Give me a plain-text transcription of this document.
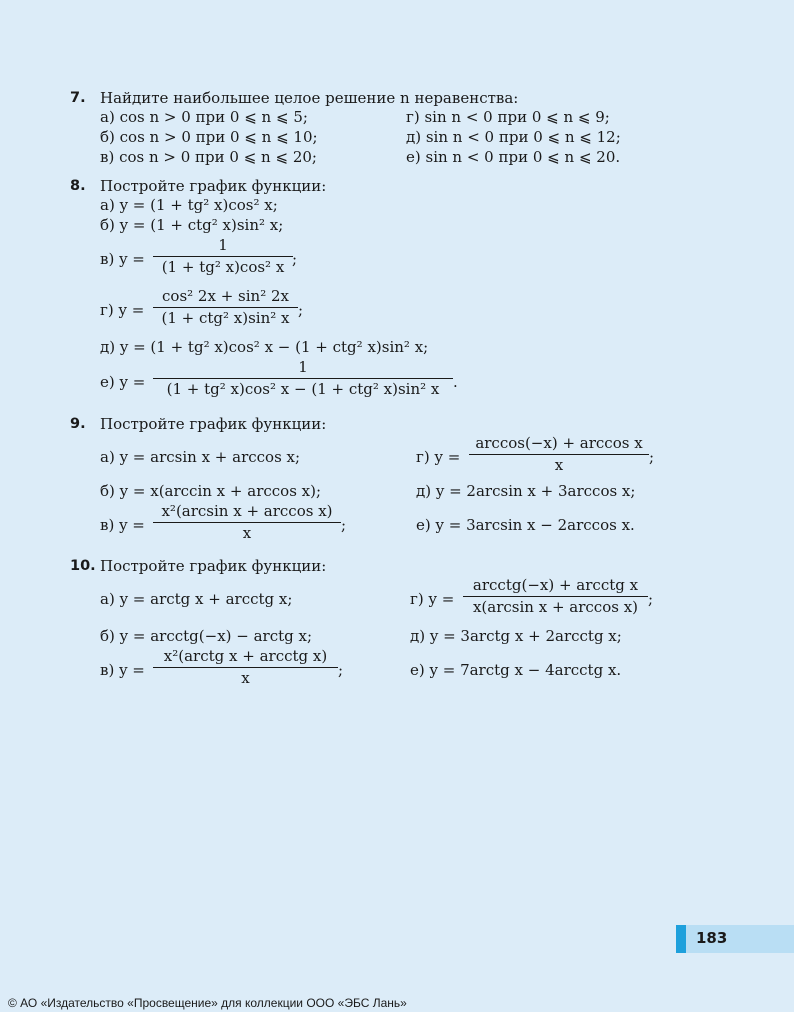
7. Найдите наибольшее целое решение n неравенства:
а) cos n > 0 при 0 ⩽ n ⩽ 5;
б) cos n > 0 при 0 ⩽ n ⩽ 10;
в) cos n > 0 при 0 ⩽ n ⩽ 20;
г) sin n < 0 при 0 ⩽ n ⩽ 9;
д) sin n < 0 при 0 ⩽ n ⩽ 12;
е) sin n < 0 при 0 ⩽ n ⩽ 20.
8. Постройте график функции:
а) y = (1 + tg² x)cos² x;
б) y = (1 + ctg² x)sin² x;
в) y =
1
(1 + tg² x)cos² x ;
г) y =
cos² 2x + sin² 2x
(1 + ctg² x)sin² x ;
д) y = (1 + tg² x)cos² x − (1 + ctg² x)sin² x;
е) y =
1
(1 + tg² x)cos² x − (1 + ctg² x)sin² x .
9. Постройте график функции:
а) y = arcsin x + arccos x;
б) y = x(arccin x + arccos x);
в) y =
x²(arcsin x + arccos x)
x	;
г) y =
arccos(−x) + arccos x
x	;
д) y = 2arcsin x + 3arccos x;
е) y = 3arcsin x − 2arccos x.
10. Постройте график функции:
а) y = arctg x + arcctg x;
б) y = arcctg(−x) − arctg x;
в) y =
x²(arctg x + arcctg x)
x	;
г) y =
arcctg(−x) + arcctg x
x(arcsin x + arccos x) ;
д) y = 3arctg x + 2arcctg x;
е) y = 7arctg x − 4arcctg x.
183
© АО «Издательство «Просвещение» для коллекции ООО «ЭБС Лань»
